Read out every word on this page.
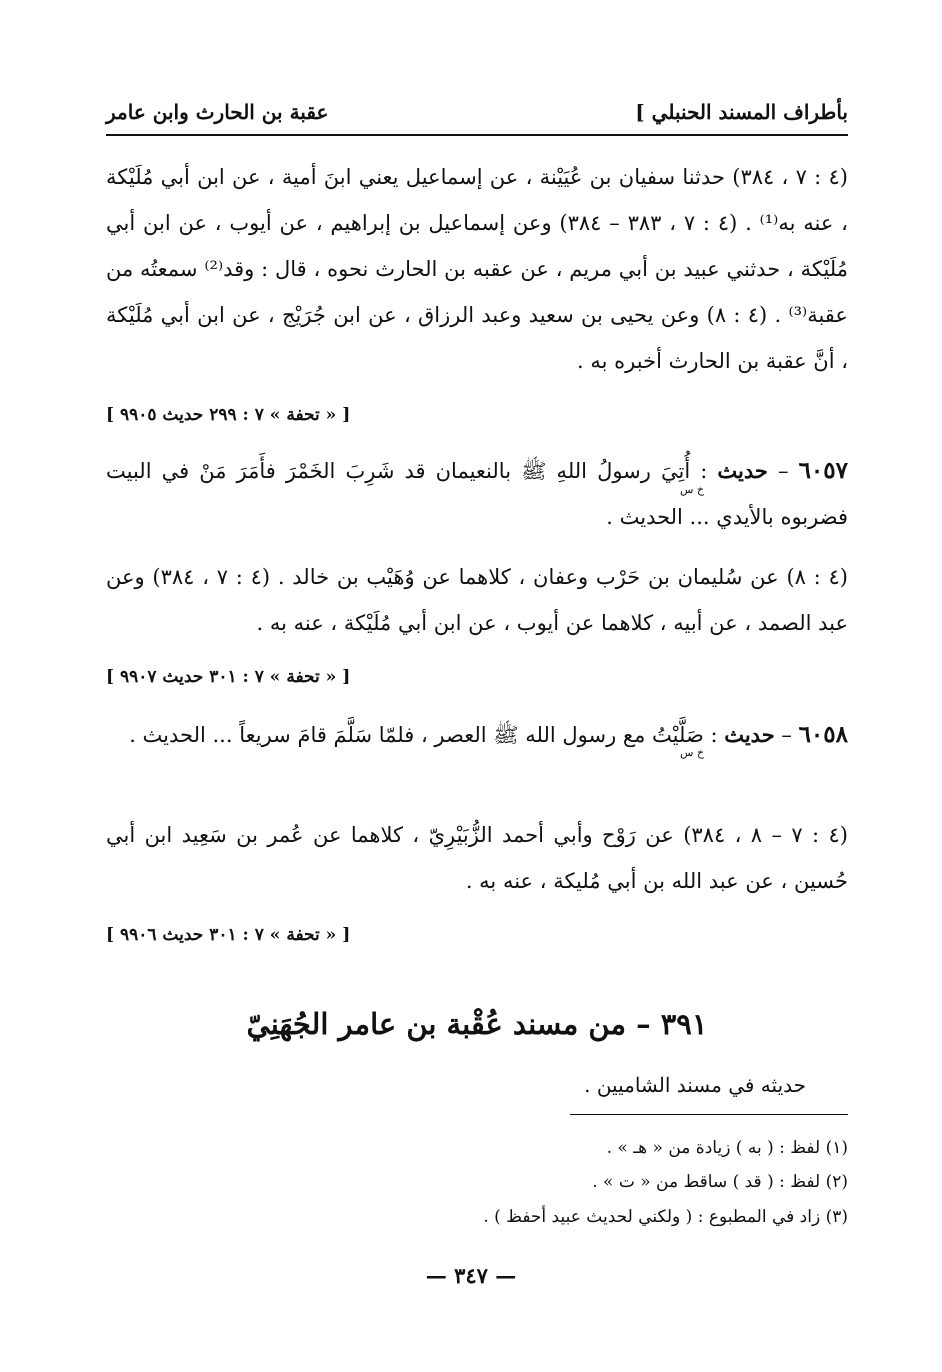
بأطراف المسند الحنبلي ]
عقبة بن الحارث وابن عامر
(٤ : ٧ ، ٣٨٤) حدثنا سفيان بن عُيَيْنة ، عن إسماعيل يعني ابنَ أمية ، عن ابن أبي مُلَيْكة ، عنه به⁽¹⁾ . (٤ : ٧ ، ٣٨٣ – ٣٨٤) وعن إسماعيل بن إبراهيم ، عن أيوب ، عن ابن أبي مُلَيْكة ، حدثني عبيد بن أبي مريم ، عن عقبه بن الحارث نحوه ، قال : وقد⁽²⁾ سمعتُه من عقبة⁽³⁾ . (٤ : ٨) وعن يحيى بن سعيد وعبد الرزاق ، عن ابن جُرَيْج ، عن ابن أبي مُلَيْكة ، أنَّ عقبة بن الحارث أخبره به .
[ « تحفة » ٧ : ٢٩٩ حديث ٩٩٠٥ ]
٦٠٥٧ – حديث : أُتِيَ رسولُ اللهِ ﷺ بالنعيمان قد شَرِبَ الخَمْرَ فأَمَرَ مَنْ في البيت فضربوه بالأيدي ... الحديث .
خ س
(٤ : ٨) عن سُليمان بن حَرْب وعفان ، كلاهما عن وُهَيْب بن خالد . (٤ : ٧ ، ٣٨٤) وعن عبد الصمد ، عن أبيه ، كلاهما عن أيوب ، عن ابن أبي مُلَيْكة ، عنه به .
[ « تحفة » ٧ : ٣٠١ حديث ٩٩٠٧ ]
٦٠٥٨ – حديث : صَلَّيْتُ مع رسول الله ﷺ العصر ، فلمّا سَلَّمَ قامَ سريعاً ... الحديث .
خ س
(٤ : ٧ – ٨ ، ٣٨٤) عن رَوْح وأبي أحمد الزُّبَيْرِيّ ، كلاهما عن عُمر بن سَعِيد ابن أبي حُسين ، عن عبد الله بن أبي مُليكة ، عنه به .
[ « تحفة » ٧ : ٣٠١ حديث ٩٩٠٦ ]
٣٩١ – من مسند عُقْبة بن عامر الجُهَنِيّ
حديثه في مسند الشاميين .
(١) لفظ : ( به ) زيادة من « هـ » .
(٢) لفظ : ( قد ) ساقط من « ت » .
(٣) زاد في المطبوع : ( ولكني لحديث عبيد أحفظ ) .
— ٣٤٧ —
